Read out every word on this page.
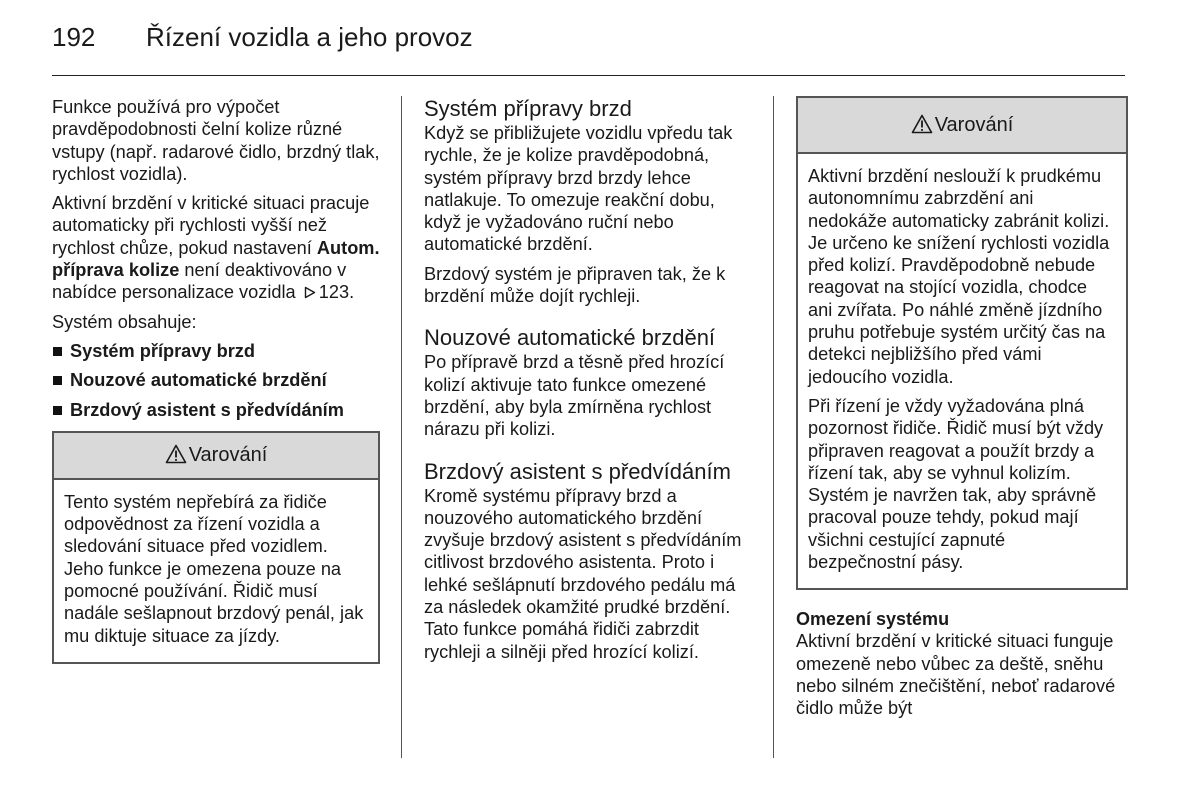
192 Řízení vozidla a jeho provoz

Funkce používá pro výpočet pravděpodobnosti čelní kolize různé vstupy (např. radarové čidlo, brzdný tlak, rychlost vozidla).

Aktivní brzdění v kritické situaci pracuje automaticky při rychlosti vyšší než rychlost chůze, pokud nastavení Autom. příprava kolize není deaktivováno v nabídce personalizace vozidla 123.

Systém obsahuje:

Systém přípravy brzd
Nouzové automatické brzdění
Brzdový asistent s předvídáním
Varování

Tento systém nepřebírá za řidiče odpovědnost za řízení vozidla a sledování situace před vozidlem. Jeho funkce je omezena pouze na pomocné používání. Řidič musí nadále sešlapnout brzdový penál, jak mu diktuje situace za jízdy.

Systém přípravy brzd

Když se přibližujete vozidlu vpředu tak rychle, že je kolize pravděpodobná, systém přípravy brzd brzdy lehce natlakuje. To omezuje reakční dobu, když je vyžadováno ruční nebo automatické brzdění.

Brzdový systém je připraven tak, že k brzdění může dojít rychleji.

Nouzové automatické brzdění

Po přípravě brzd a těsně před hrozící kolizí aktivuje tato funkce omezené brzdění, aby byla zmírněna rychlost nárazu při kolizi.

Brzdový asistent s předvídáním

Kromě systému přípravy brzd a nouzového automatického brzdění zvyšuje brzdový asistent s předvídáním citlivost brzdového asistenta. Proto i lehké sešlápnutí brzdového pedálu má za následek okamžité prudké brzdění. Tato funkce pomáhá řidiči zabrzdit rychleji a silněji před hrozící kolizí.

Varování

Aktivní brzdění neslouží k prudkému autonomnímu zabrzdění ani nedokáže automaticky zabránit kolizi. Je určeno ke snížení rychlosti vozidla před kolizí. Pravděpodobně nebude reagovat na stojící vozidla, chodce ani zvířata. Po náhlé změně jízdního pruhu potřebuje systém určitý čas na detekci nejbližšího před vámi jedoucího vozidla.

Při řízení je vždy vyžadována plná pozornost řidiče. Řidič musí být vždy připraven reagovat a použít brzdy a řízení tak, aby se vyhnul kolizím. Systém je navržen tak, aby správně pracoval pouze tehdy, pokud mají všichni cestující zapnuté bezpečnostní pásy.

Omezení systému

Aktivní brzdění v kritické situaci funguje omezeně nebo vůbec za deště, sněhu nebo silném znečištění, neboť radarové čidlo může být
